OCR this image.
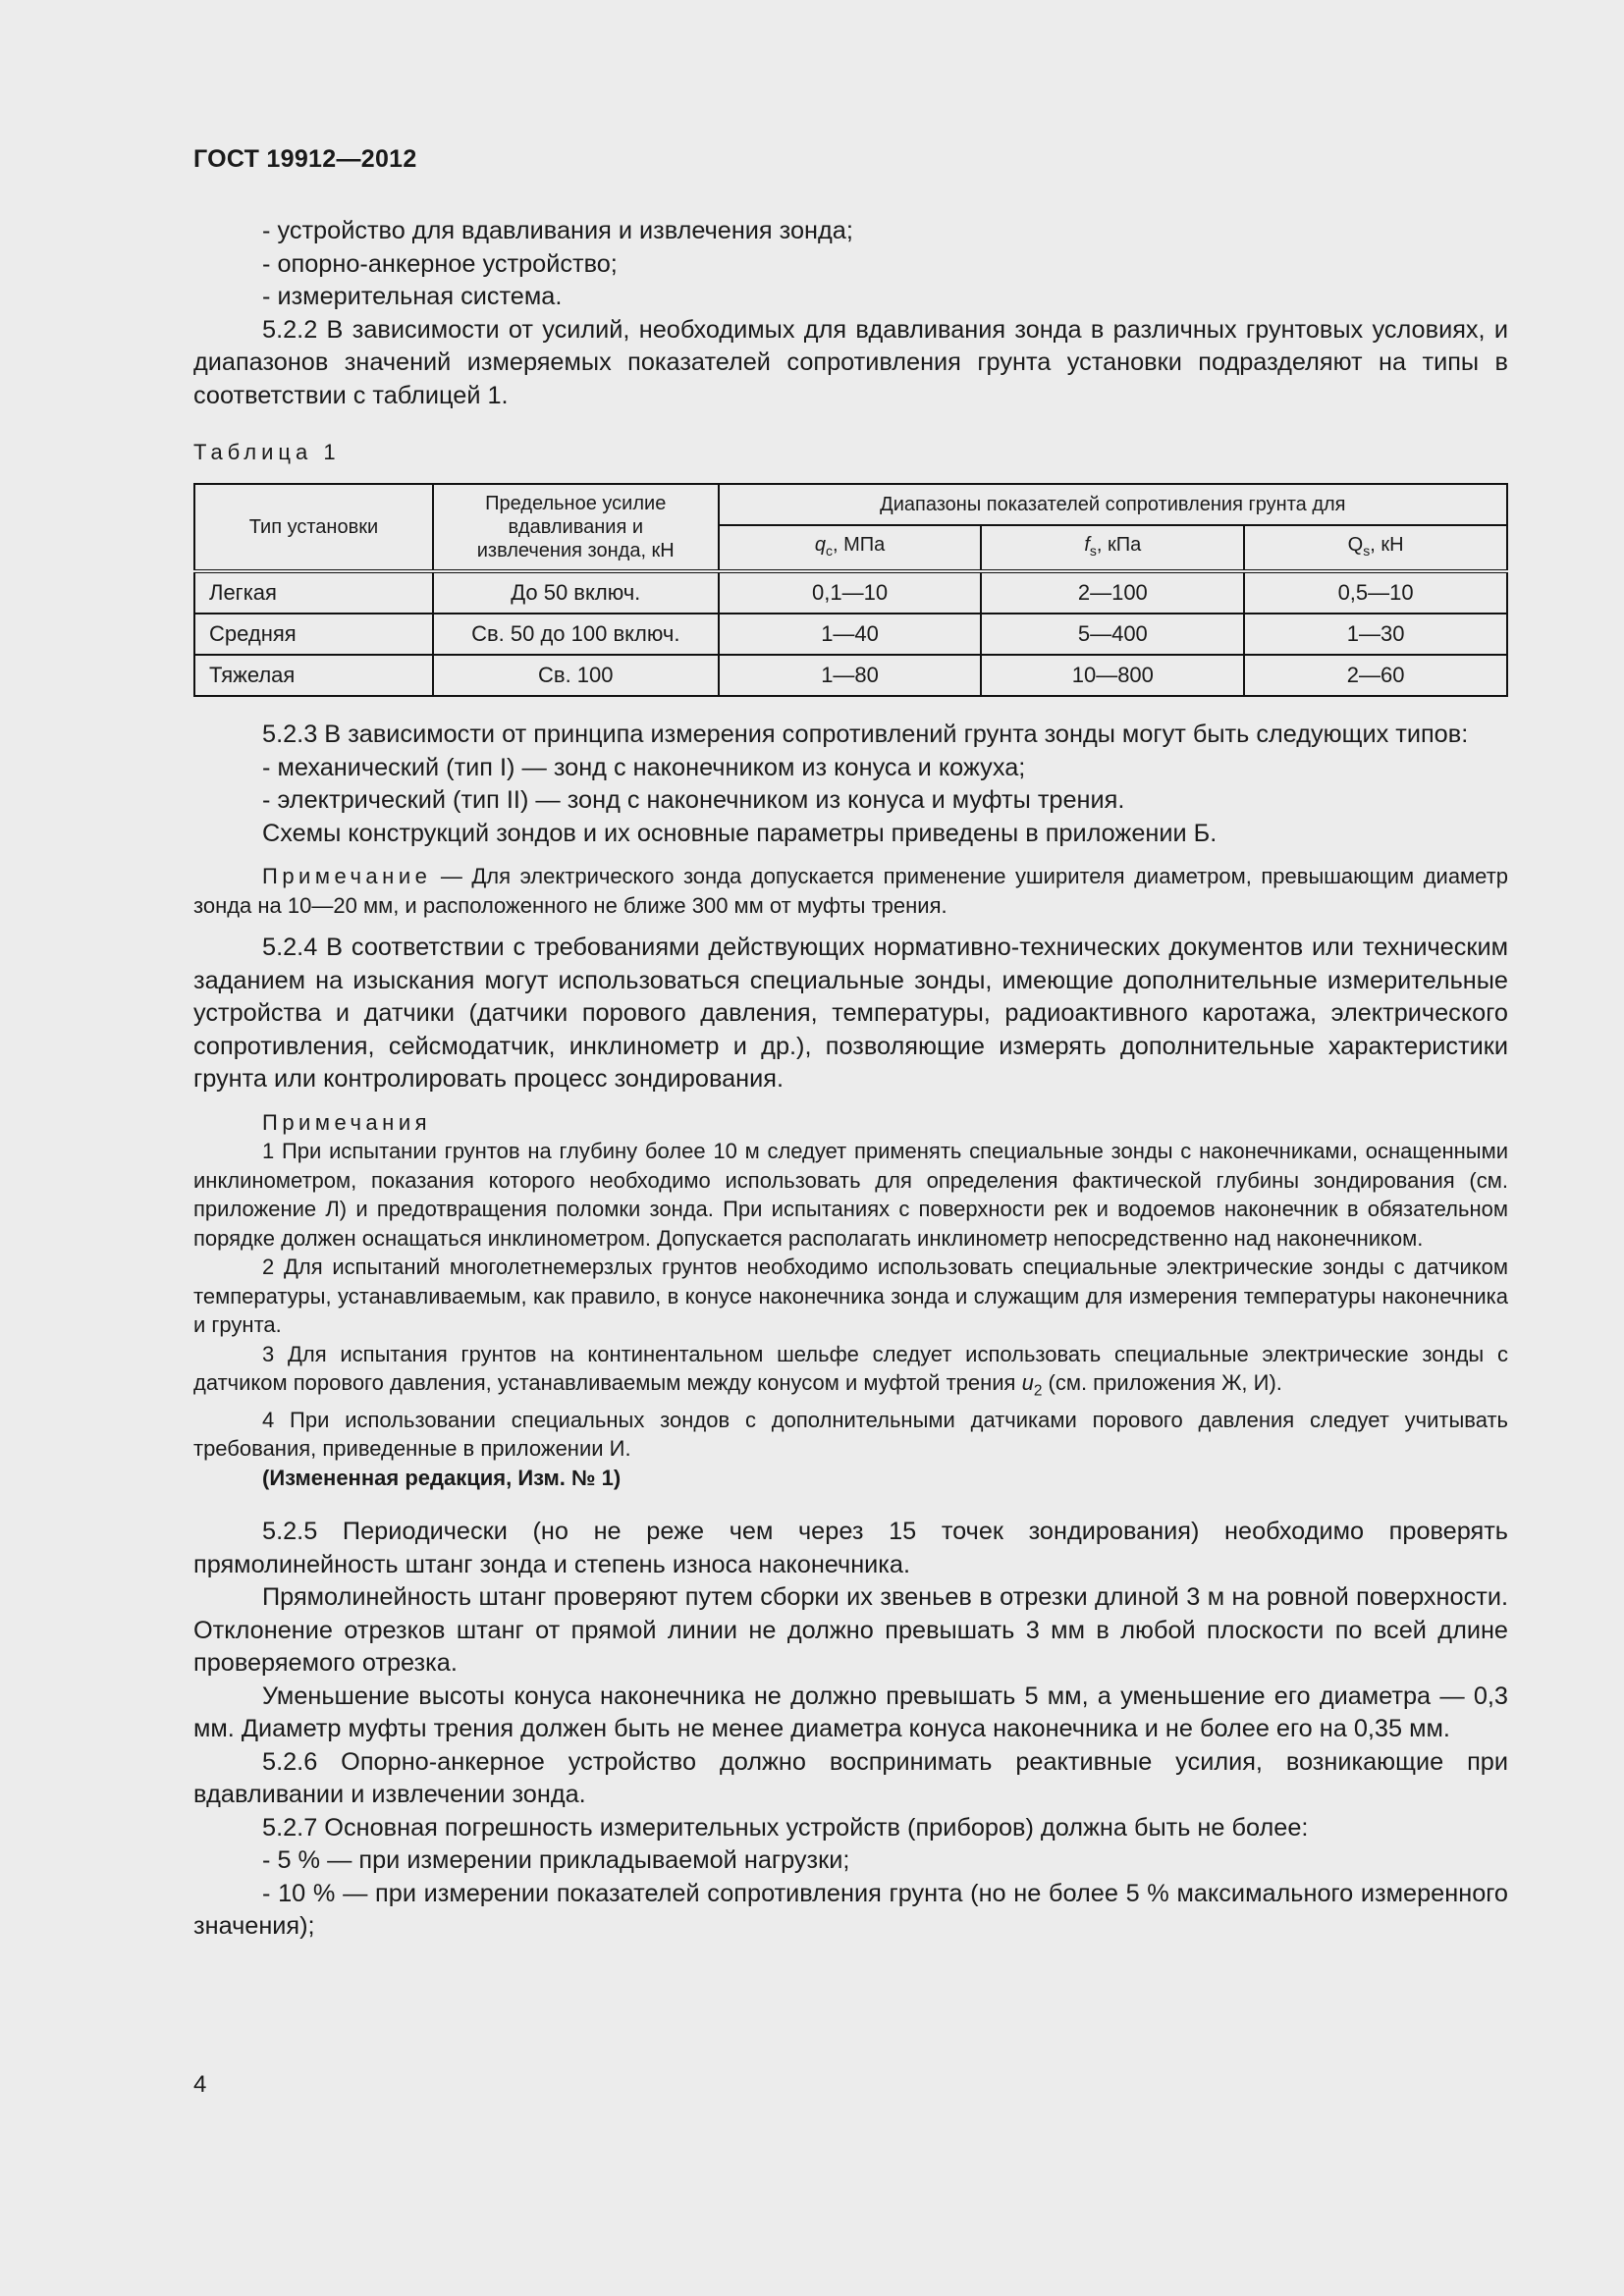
ГОСТ 19912—2012

- устройство для вдавливания и извлечения зонда;

- опорно-анкерное устройство;

- измерительная система.

5.2.2 В зависимости от усилий, необходимых для вдавливания зонда в различных грунтовых условиях, и диапазонов значений измеряемых показателей сопротивления грунта установки подразделяют на типы в соответствии с таблицей 1.

Таблица 1
Тип установки	Предельное усилие вдавливания и извлечения зонда, кН	Диапазоны показателей сопротивления грунта для		
		$q_c$, МПа	$f_s$, кПа	$Q_s$, кН
Легкая	До 50 включ.	0,1—10	2—100	0,5—10
Средняя	Св. 50 до 100 включ.	1—40	5—400	1—30
Тяжелая	Св. 100	1—80	10—800	2—60

5.2.3 В зависимости от принципа измерения сопротивлений грунта зонды могут быть следующих типов:

- механический (тип I) — зонд с наконечником из конуса и кожуха;

- электрический (тип II) — зонд с наконечником из конуса и муфты трения.

Схемы конструкций зондов и их основные параметры приведены в приложении Б.

Примечание — Для электрического зонда допускается применение уширителя диаметром, превышающим диаметр зонда на 10—20 мм, и расположенного не ближе 300 мм от муфты трения.

5.2.4 В соответствии с требованиями действующих нормативно-технических документов или техническим заданием на изыскания могут использоваться специальные зонды, имеющие дополнительные измерительные устройства и датчики (датчики порового давления, температуры, радиоактивного каротажа, электрического сопротивления, сейсмодатчик, инклинометр и др.), позволяющие измерять дополнительные характеристики грунта или контролировать процесс зондирования.

Примечания

1 При испытании грунтов на глубину более 10 м следует применять специальные зонды с наконечниками, оснащенными инклинометром, показания которого необходимо использовать для определения фактической глубины зондирования (см. приложение Л) и предотвращения поломки зонда. При испытаниях с поверхности рек и водоемов наконечник в обязательном порядке должен оснащаться инклинометром. Допускается располагать инклинометр непосредственно над наконечником.

2 Для испытаний многолетнемерзлых грунтов необходимо использовать специальные электрические зонды с датчиком температуры, устанавливаемым, как правило, в конусе наконечника зонда и служащим для измерения температуры наконечника и грунта.

3 Для испытания грунтов на континентальном шельфе следует использовать специальные электрические зонды с датчиком порового давления, устанавливаемым между конусом и муфтой трения $u_2$ (см. приложения Ж, И).

4 При использовании специальных зондов с дополнительными датчиками порового давления следует учитывать требования, приведенные в приложении И.

(Измененная редакция, Изм. № 1)

5.2.5 Периодически (но не реже чем через 15 точек зондирования) необходимо проверять прямолинейность штанг зонда и степень износа наконечника.

Прямолинейность штанг проверяют путем сборки их звеньев в отрезки длиной 3 м на ровной поверхности. Отклонение отрезков штанг от прямой линии не должно превышать 3 мм в любой плоскости по всей длине проверяемого отрезка.

Уменьшение высоты конуса наконечника не должно превышать 5 мм, а уменьшение его диаметра — 0,3 мм. Диаметр муфты трения должен быть не менее диаметра конуса наконечника и не более его на 0,35 мм.

5.2.6 Опорно-анкерное устройство должно воспринимать реактивные усилия, возникающие при вдавливании и извлечении зонда.

5.2.7 Основная погрешность измерительных устройств (приборов) должна быть не более:

- 5 % — при измерении прикладываемой нагрузки;

- 10 % — при измерении показателей сопротивления грунта (но не более 5 % максимального измеренного значения);

4
